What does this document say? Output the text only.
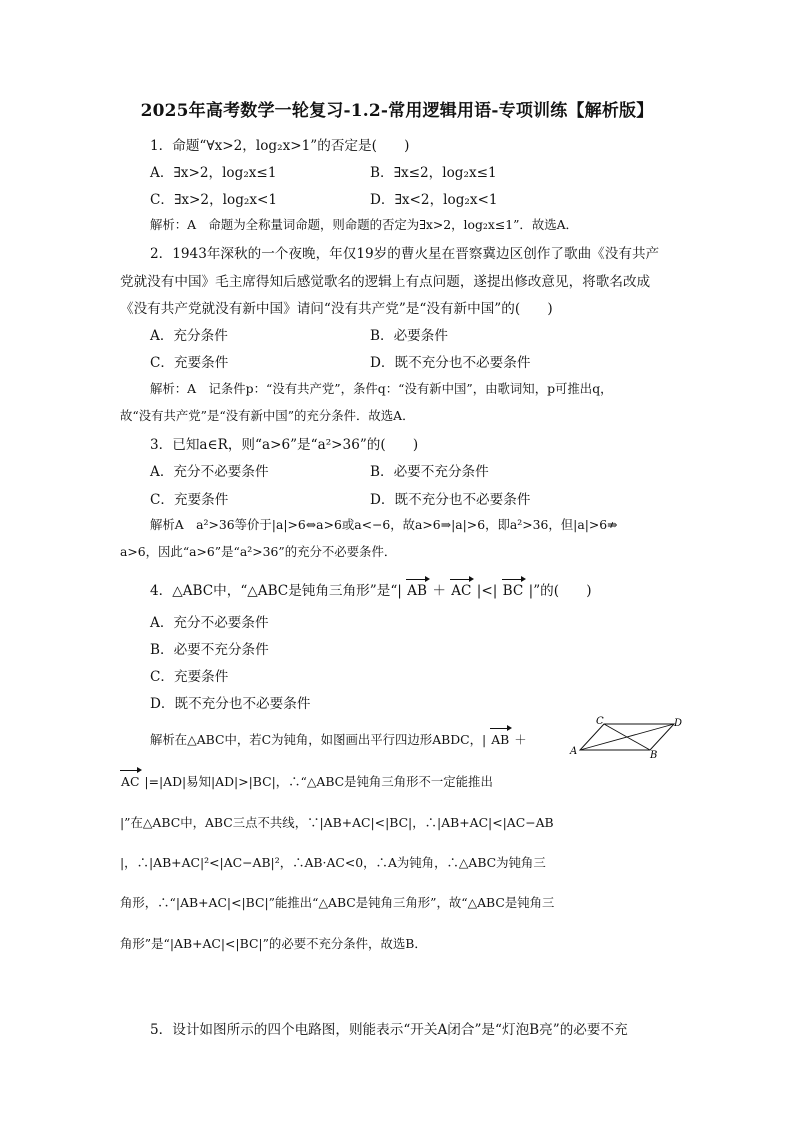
2025年高考数学一轮复习-1.2-常用逻辑用语-专项训练【解析版】
1．命题“∀x>2，log₂x>1”的否定是(　　)
A．∃x>2，log₂x≤1	B．∃x≤2，log₂x≤1
C．∃x>2，log₂x<1	D．∃x<2，log₂x<1
解析：A　命题为全称量词命题，则命题的否定为∃x>2，log₂x≤1”．故选A．
2．1943年深秋的一个夜晚，年仅19岁的曹火星在晋察冀边区创作了歌曲《没有共产
党就没有中国》毛主席得知后感觉歌名的逻辑上有点问题，遂提出修改意见，将歌名改成
《没有共产党就没有新中国》请问“没有共产党”是“没有新中国”的(　　)
A．充分条件	B．必要条件
C．充要条件	D．既不充分也不必要条件
解析：A　记条件p：“没有共产党”，条件q：“没有新中国”，由歌词知，p可推出q，
故“没有共产党”是“没有新中国”的充分条件．故选A．
3．已知a∈R，则“a>6”是“a²>36”的(　　)
A．充分不必要条件	B．必要不充分条件
C．充要条件	D．既不充分也不必要条件
解析A　a²>36等价于|a|>6⇔a>6或a<−6，故a>6⇒|a|>6，即a²>36，但|a|>6⇏
a>6，因此“a>6”是“a²>36”的充分不必要条件．
4．△ABC中，“△ABC是钝角三角形”是“| AB ＋ AC |<| BC |”的(　　)
A．充分不必要条件
B．必要不充分条件
C．充要条件
D．既不充分也不必要条件
解析在△ABC中，若C为钝角，如图画出平行四边形ABDC，| AB ＋
A	B
C	D
AC |=|AD|易知|AD|>|BC|，∴“△ABC是钝角三角形不一定能推出
|”在△ABC中，ABC三点不共线，∵|AB+AC|<|BC|，∴|AB+AC|<|AC−AB
|，∴|AB+AC|²<|AC−AB|²，∴AB·AC<0，∴A为钝角，∴△ABC为钝角三
角形，∴“|AB+AC|<|BC|”能推出“△ABC是钝角三角形”，故“△ABC是钝角三
角形”是“|AB+AC|<|BC|”的必要不充分条件，故选B．
5．设计如图所示的四个电路图，则能表示“开关A闭合”是“灯泡B亮”的必要不充
